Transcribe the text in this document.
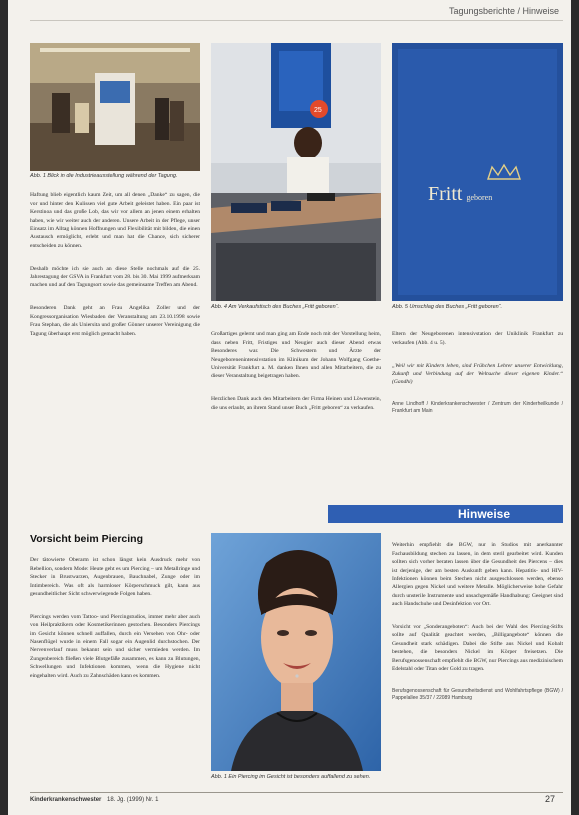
Tagungsberichte / Hinweise
Abb. 1 Blick in die Industrieausstellung während der Tagung.
25
Abb. 4 Am Verkaufstisch des Buches „Fritt geboren“.
Fritt geboren
Abb. 5 Umschlag des Buches „Fritt geboren“.

Haftung blieb eigentlich kaum Zeit, um all denen „Danke“ zu sagen, die vor und hinter den Kulissen viel gute Arbeit geleistet haben. Ein paar ist Kerstinoa und das große Lob, das wir vor allem an jenen einem erhalten haben, wie wir weiter auch der anderen. Unsere Arbeit in der Pflege, unser Einsatz im Alltag können Hoffnungen und Flexibilität mit bilden, die einen Austausch ermöglicht, erlebt und man hat die Chance, sich sicherer entscheiden zu können.

Deshalb möchte ich sie auch an diese Stelle nochmals auf die 25. Jahrestagung der GSVA in Frankfurt vom 28. bis 30. Mai 1999 aufmerksam machen und auf den Tagungsort sowie das gemeinsame Treffen am Abend.

Besonderen Dank geht an Frau Angelika Zoller und der Kongressorganisation Wiesbaden der Veranstaltung am 23.10.1998 sowie Frau Stephan, die als Uniersita und großer Gönner unserer Vereinigung die Tagung überhaupt erst möglich gemacht haben.	Großartiges gelernt und man ging am Ende noch mit der Vorstellung heim, dass neben Fritt, Fristiges und Neugier auch dieser Abend etwas Besonderes war. Die Schwestern und Ärzte der Neugeborenenintensivstation im Klinikum der Johann Wolfgang Goethe-Universität Frankfurt a. M. danken Ihnen und allen Mitarbeitern, die zu dieser Veranstaltung beigetragen haben.

Herzlichen Dank auch den Mitarbeitern der Firma Heinen und Löwenstein, die uns erlaubt, an ihrem Stand unser Buch „Fritt geboren“ zu verkaufen.

Eltern der Neugeborenen intensivstation der Uniklinik Frankfurt zu verkaufen (Abb. 4 u. 5).

„Weil wir mit Kindern leben, sind Frühchen Lehrer unserer Entwicklung, Zukunft und Verbindung auf der Weltsuche dieser eigenen Kinder.“ (Gandhi)

Anne Lindhoff / Kinderkrankenschwester / Zentrum der Kinderheilkunde / Frankfurt am Main

Hinweise
Vorsicht beim Piercing

Der tätowierte Oberarm ist schon längst kein Ausdruck mehr von Rebellion, sondern Mode: Heute geht es um Piercing – um Metallringe und Stecker in Brustwarzen, Augenbrauen, Bauchnabel, Zunge oder im Intimbereich. Was oft als harmloser Körperschmuck gilt, kann aus gesundheitlicher Sicht schwerwiegende Folgen haben.

Piercings werden vom Tattoo- und Piercingstudios, immer mehr aber auch von Heilpraktikern oder Kosmetikerinnen gestochen. Besonders Piercings im Gesicht können schnell auffallen, durch ein Versehen von Ohr- oder Nasenflügel wurde in einem Fall sogar ein Augenlid durchstochen. Der Nervenverlauf muss bekannt sein und sicher vermieden werden. Im Zungenbereich fließen viele Blutgefäße zusammen, es kann zu Blutungen, Schwellungen und Infektionen kommen, wenn die Hygiene nicht eingehalten wird. Auch zu Zahnschäden kann es kommen.

Abb. 1 Ein Piercing im Gesicht ist besonders auffallend zu sehen.

Weiterhin empfiehlt die BGW, nur in Studios mit anerkannter Fachausbildung stechen zu lassen, in dem steril gearbeitet wird. Kunden sollten sich vorher beraten lassen über die Gesundheit des Piercens – dies ist derjenige, der am besten Auskunft geben kann. Hepatitis- und HIV-Infektionen können beim Stechen nicht ausgeschlossen werden, ebenso Allergien gegen Nickel und weitere Metalle. Möglicherweise hohe Gefahr durch unsterile Instrumente und unsachgemäße Handhabung: Geeignet sind auch Handschuhe und Desinfektion vor Ort.

Vorsicht vor „Sonderangeboten“: Auch bei der Wahl des Piercing-Stifts sollte auf Qualität geachtet werden, „Billigangebote“ können die Gesundheit stark schädigen. Dabei die Stifte aus Nickel und Kobalt bestehen, die besonders Nickel im Körper freisetzen. Die Berufsgenossenschaft empfiehlt die BGW, nur Piercings aus medizinischem Edelstahl oder Titan oder Gold zu tragen.

Berufsgenossenschaft für Gesundheitsdienst und Wohlfahrtspflege (BGW) / Pappelallee 35/37 / 22089 Hamburg

Kinderkrankenschwester 18. Jg. (1999) Nr. 1	27
